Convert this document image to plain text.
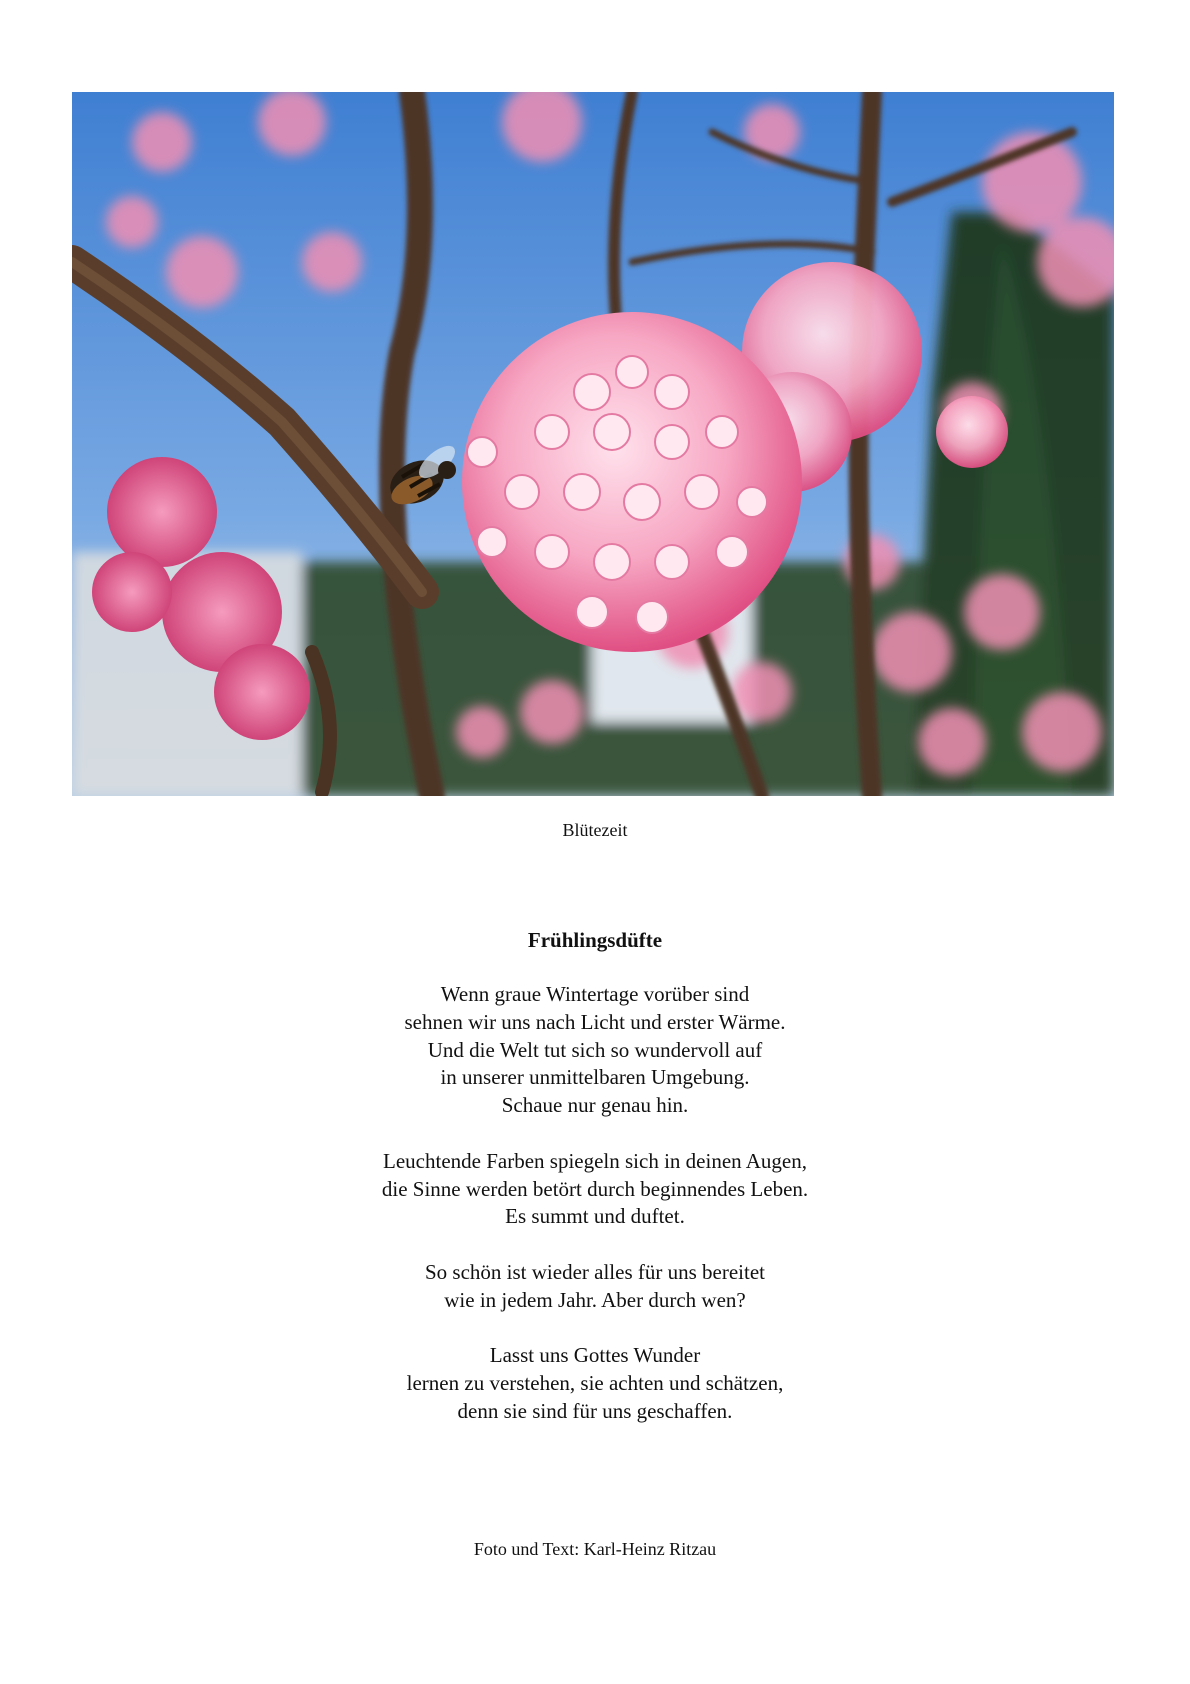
Blütezeit
Frühlingsdüfte
Wenn graue Wintertage vorüber sind
sehnen wir uns nach Licht und erster Wärme.
Und die Welt tut sich so wundervoll auf
in unserer unmittelbaren Umgebung.
Schaue nur genau hin.
Leuchtende Farben spiegeln sich in deinen Augen,
die Sinne werden betört durch beginnendes Leben.
Es summt und duftet.
So schön ist wieder alles für uns bereitet
wie in jedem Jahr. Aber durch wen?
Lasst uns Gottes Wunder
lernen zu verstehen, sie achten und schätzen,
denn sie sind für uns geschaffen.
Foto und Text: Karl-Heinz Ritzau
